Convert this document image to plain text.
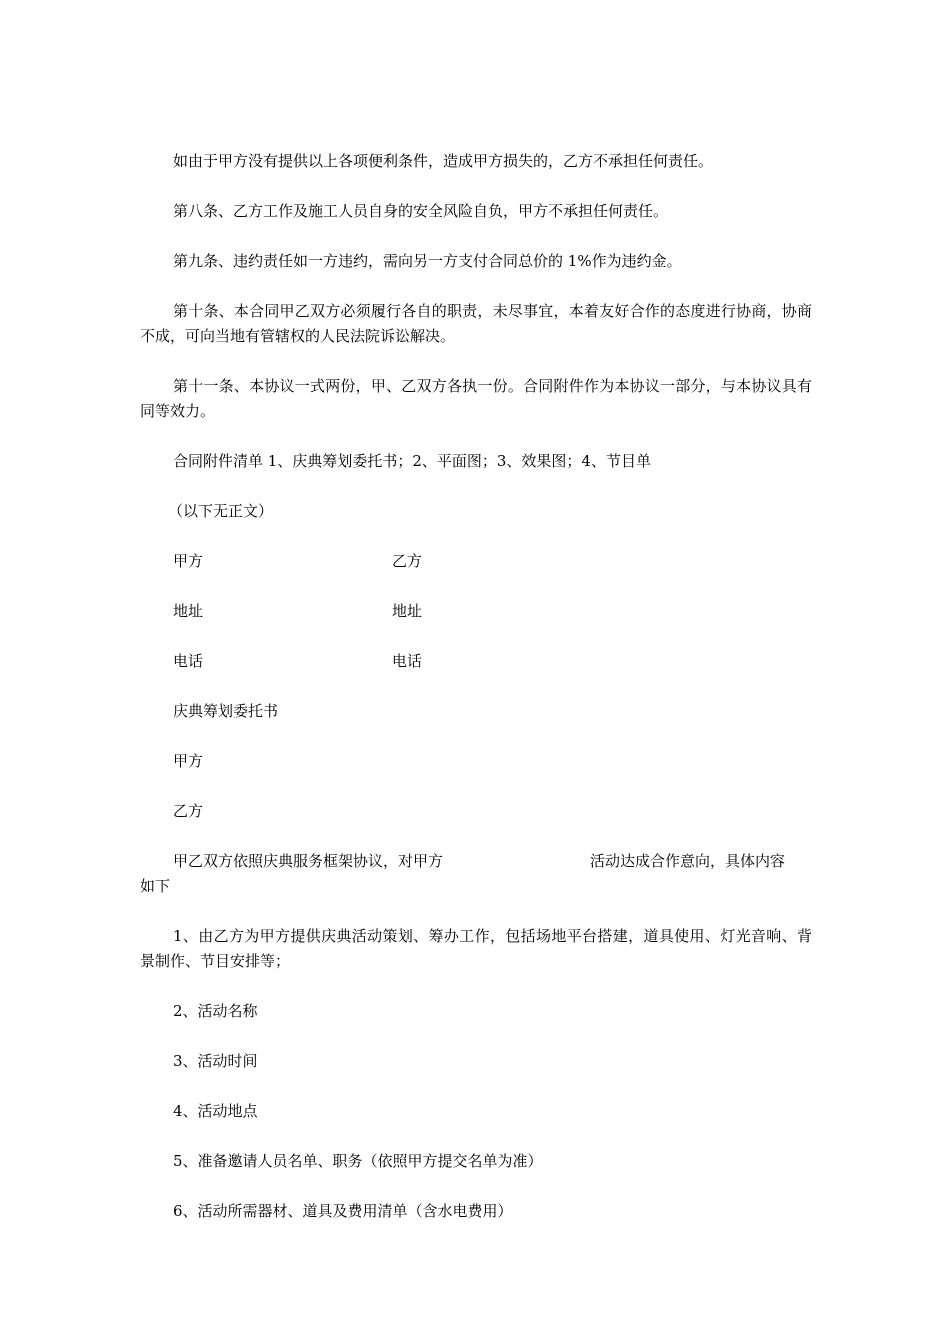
如由于甲方没有提供以上各项便利条件，造成甲方损失的，乙方不承担任何责任。

第八条、乙方工作及施工人员自身的安全风险自负，甲方不承担任何责任。

第九条、违约责任如一方违约，需向另一方支付合同总价的 1%作为违约金。

第十条、本合同甲乙双方必须履行各自的职责，未尽事宜，本着友好合作的态度进行协商，协商不成，可向当地有管辖权的人民法院诉讼解决。

第十一条、本协议一式两份，甲、乙双方各执一份。合同附件作为本协议一部分，与本协议具有同等效力。

合同附件清单 1、庆典筹划委托书；2、平面图；3、效果图；4、节目单

（以下无正文）

甲方	乙方
地址	地址
电话	电话
庆典筹划委托书
甲方
乙方
甲乙双方依照庆典服务框架协议，对甲方	活动达成合作意向，具体内容
如下

1、由乙方为甲方提供庆典活动策划、筹办工作，包括场地平台搭建，道具使用、灯光音响、背景制作、节目安排等；

2、活动名称
3、活动时间
4、活动地点
5、准备邀请人员名单、职务（依照甲方提交名单为准）
6、活动所需器材、道具及费用清单（含水电费用）
